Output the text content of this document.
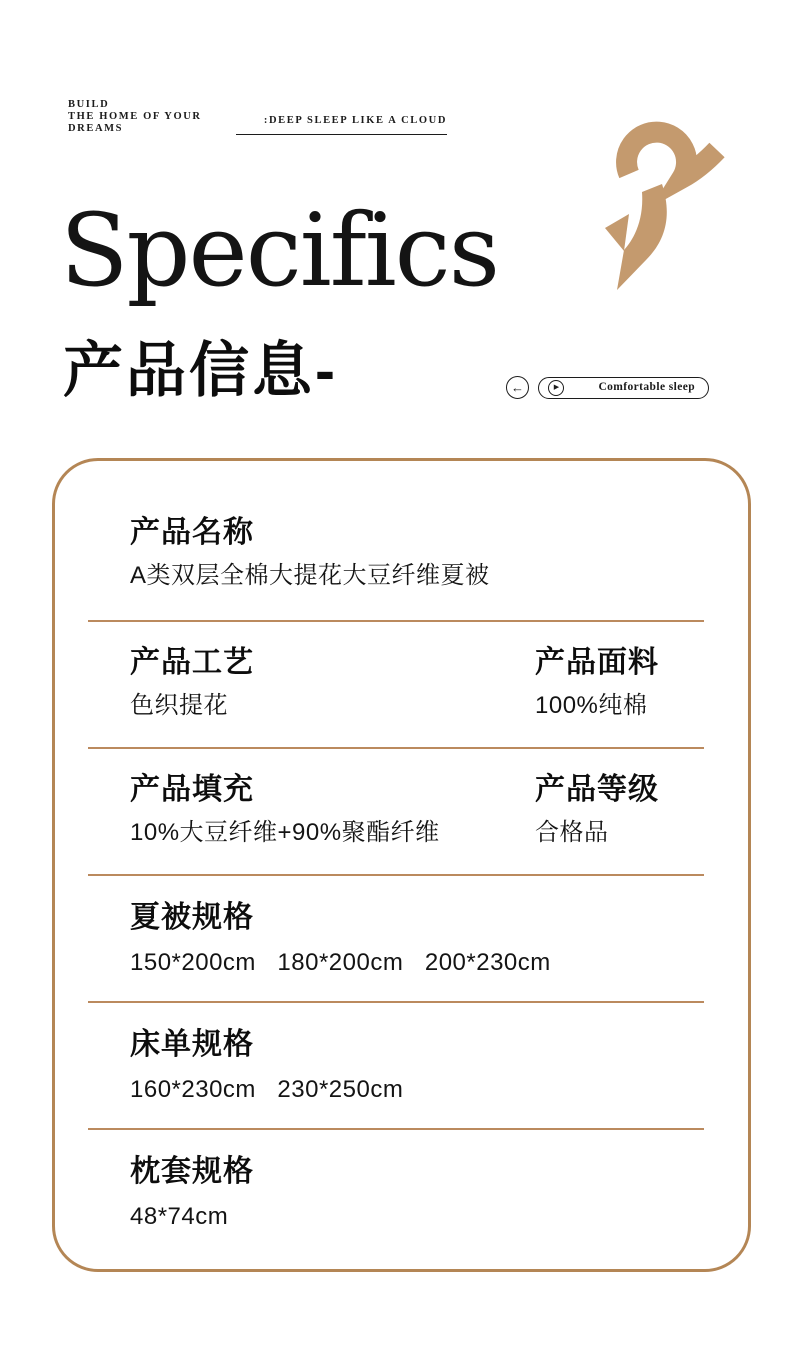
BUILD
THE HOME OF YOUR
DREAMS
:DEEP SLEEP LIKE A CLOUD
Specifics
产品信息-	←	▶	Comfortable sleep
产品名称
A类双层全棉大提花大豆纤维夏被
产品工艺
色织提花
产品面料
100%纯棉
产品填充
10%大豆纤维+90%聚酯纤维
产品等级
合格品
夏被规格
150*200cm   180*200cm   200*230cm
床单规格
160*230cm   230*250cm
枕套规格
48*74cm
